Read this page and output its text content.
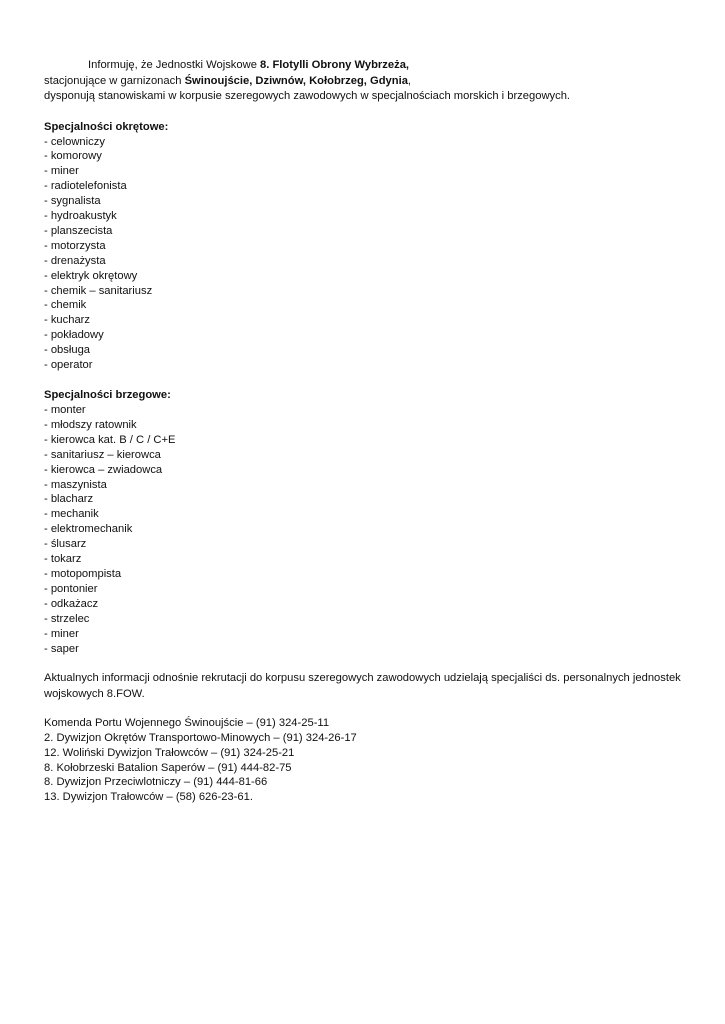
Informuję, że Jednostki Wojskowe 8. Flotylli Obrony Wybrzeża,
stacjonujące w garnizonach Świnoujście, Dziwnów, Kołobrzeg, Gdynia,
dysponują stanowiskami w korpusie szeregowych zawodowych w specjalnościach morskich i brzegowych.
Specjalności okrętowe:
- celowniczy
- komorowy
- miner
- radiotelefonista
- sygnalista
- hydroakustyk
- planszecista
- motorzysta
- drenażysta
- elektryk okrętowy
- chemik – sanitariusz
- chemik
- kucharz
- pokładowy
- obsługa
- operator
Specjalności brzegowe:
- monter
- młodszy ratownik
- kierowca kat. B / C / C+E
- sanitariusz – kierowca
- kierowca – zwiadowca
- maszynista
- blacharz
- mechanik
- elektromechanik
- ślusarz
- tokarz
- motopompista
- pontonier
- odkażacz
- strzelec
- miner
- saper
Aktualnych informacji odnośnie rekrutacji do korpusu szeregowych zawodowych udzielają specjaliści ds. personalnych jednostek wojskowych 8.FOW.
Komenda Portu Wojennego Świnoujście – (91) 324-25-11
2. Dywizjon Okrętów Transportowo-Minowych – (91) 324-26-17
12. Woliński Dywizjon Trałowców – (91) 324-25-21
8. Kołobrzeski Batalion Saperów – (91) 444-82-75
8. Dywizjon Przeciwlotniczy – (91) 444-81-66
13. Dywizjon Trałowców – (58) 626-23-61.
